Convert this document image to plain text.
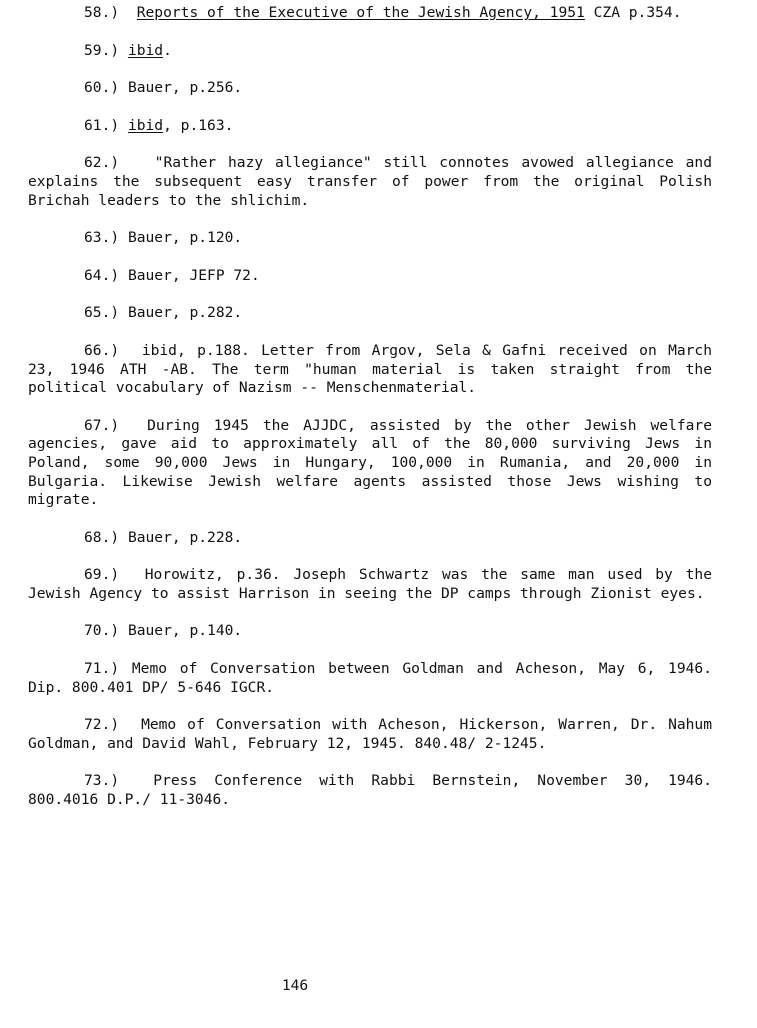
58.) Reports of the Executive of the Jewish Agency, 1951 CZA p.354.

59.) ibid.

60.) Bauer, p.256.

61.) ibid, p.163.

62.) "Rather hazy allegiance" still connotes avowed allegiance and explains the subsequent easy transfer of power from the original Polish Brichah leaders to the shlichim.

63.) Bauer, p.120.

64.) Bauer, JEFP 72.

65.) Bauer, p.282.

66.) ibid, p.188. Letter from Argov, Sela & Gafni received on March 23, 1946 ATH -AB. The term "human material is taken straight from the political vocabulary of Nazism -- Menschenmaterial.

67.) During 1945 the AJJDC, assisted by the other Jewish welfare agencies, gave aid to approximately all of the 80,000 surviving Jews in Poland, some 90,000 Jews in Hungary, 100,000 in Rumania, and 20,000 in Bulgaria. Likewise Jewish welfare agents assisted those Jews wishing to migrate.

68.) Bauer, p.228.

69.) Horowitz, p.36. Joseph Schwartz was the same man used by the Jewish Agency to assist Harrison in seeing the DP camps through Zionist eyes.

70.) Bauer, p.140.

71.) Memo of Conversation between Goldman and Acheson, May 6, 1946. Dip. 800.401 DP/ 5-646 IGCR.

72.) Memo of Conversation with Acheson, Hickerson, Warren, Dr. Nahum Goldman, and David Wahl, February 12, 1945. 840.48/ 2-1245.

73.) Press Conference with Rabbi Bernstein, November 30, 1946. 800.4016 D.P./ 11-3046.

146
